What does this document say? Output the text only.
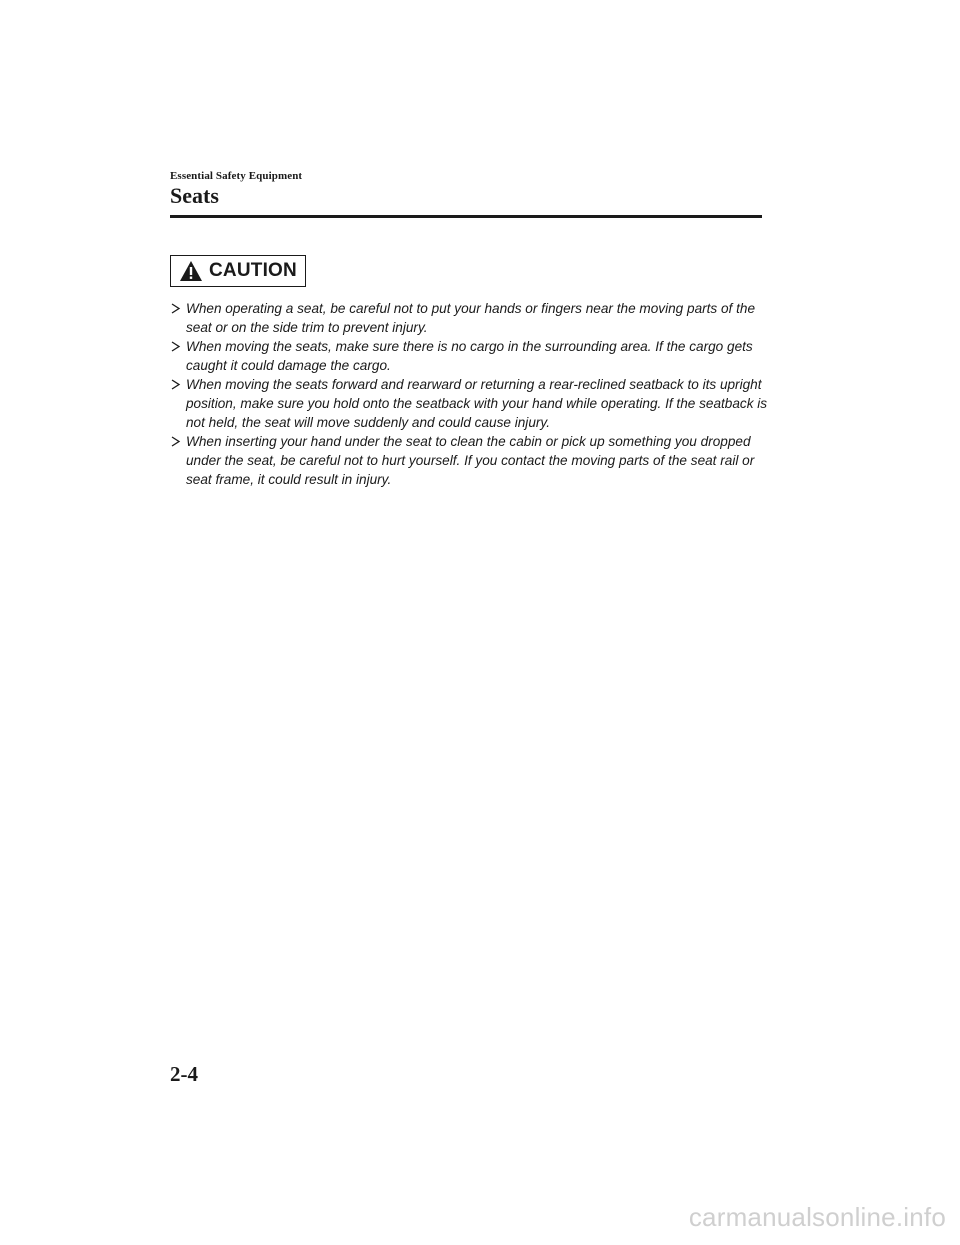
Essential Safety Equipment
Seats
CAUTION
When operating a seat, be careful not to put your hands or fingers near the moving parts of the seat or on the side trim to prevent injury.
When moving the seats, make sure there is no cargo in the surrounding area. If the cargo gets caught it could damage the cargo.
When moving the seats forward and rearward or returning a rear-reclined seatback to its upright position, make sure you hold onto the seatback with your hand while operating. If the seatback is not held, the seat will move suddenly and could cause injury.
When inserting your hand under the seat to clean the cabin or pick up something you dropped under the seat, be careful not to hurt yourself. If you contact the moving parts of the seat rail or seat frame, it could result in injury.
2-4
carmanualsonline.info
